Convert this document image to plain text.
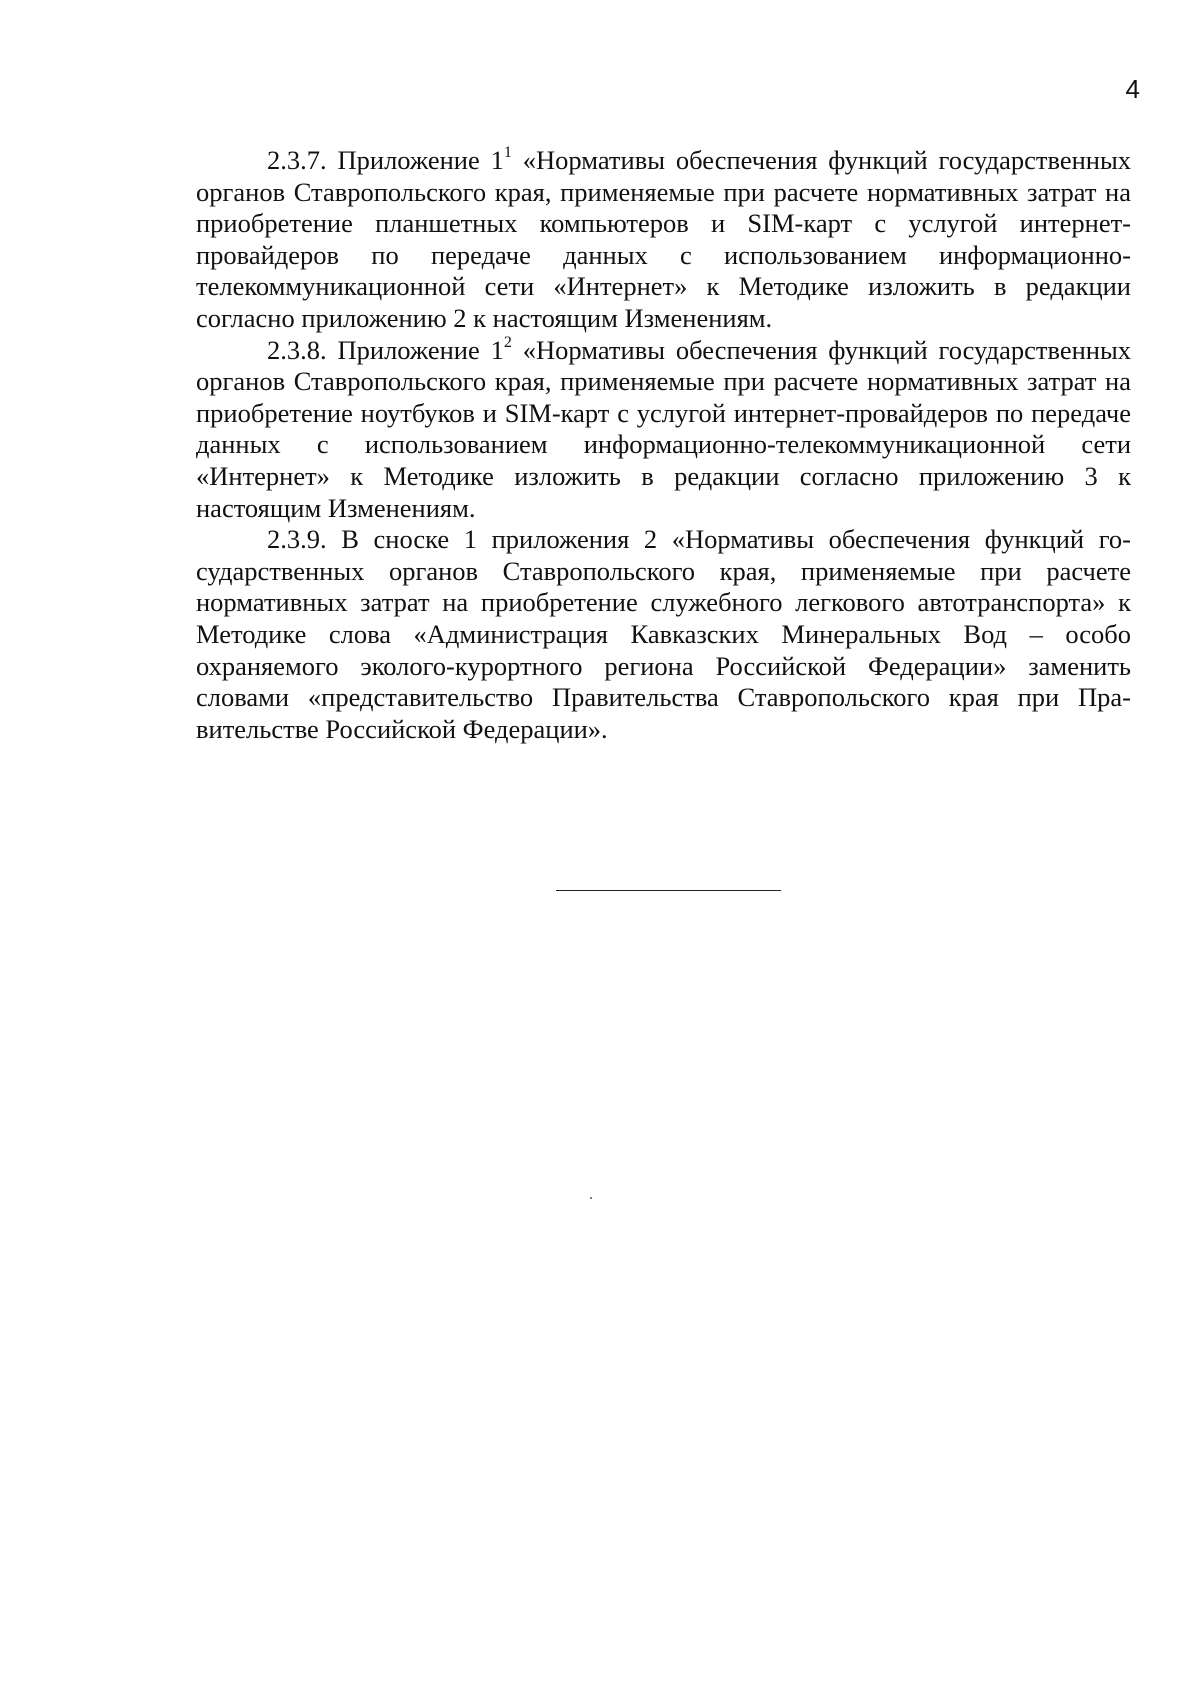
4

2.3.7. Приложение $1^1$ «Нормативы обеспечения функций государственных органов Ставропольского края, применяемые при расчете нормативных затрат на приобретение планшетных компьютеров и SIM-карт с услугой интернет-провайдеров по передаче данных с использованием информационно-телекоммуникационной сети «Интернет» к Методике изложить в редакции согласно приложению 2 к настоящим Изменениям.

2.3.8. Приложение $1^2$ «Нормативы обеспечения функций государственных органов Ставропольского края, применяемые при расчете нормативных затрат на приобретение ноутбуков и SIM-карт с услугой интернет-провайдеров по передаче данных с использованием информационно-телекоммуникационной сети «Интернет» к Методике изложить в редакции согласно приложению 3 к настоящим Изменениям.

2.3.9. В сноске 1 приложения 2 «Нормативы обеспечения функций государственных органов Ставропольского края, применяемые при расчете нормативных затрат на приобретение служебного легкового автотранспорта» к Методике слова «Администрация Кавказских Минеральных Вод – особо охраняемого эколого-курортного региона Российской Федерации» заменить словами «представительство Правительства Ставропольского края при Правительстве Российской Федерации».
